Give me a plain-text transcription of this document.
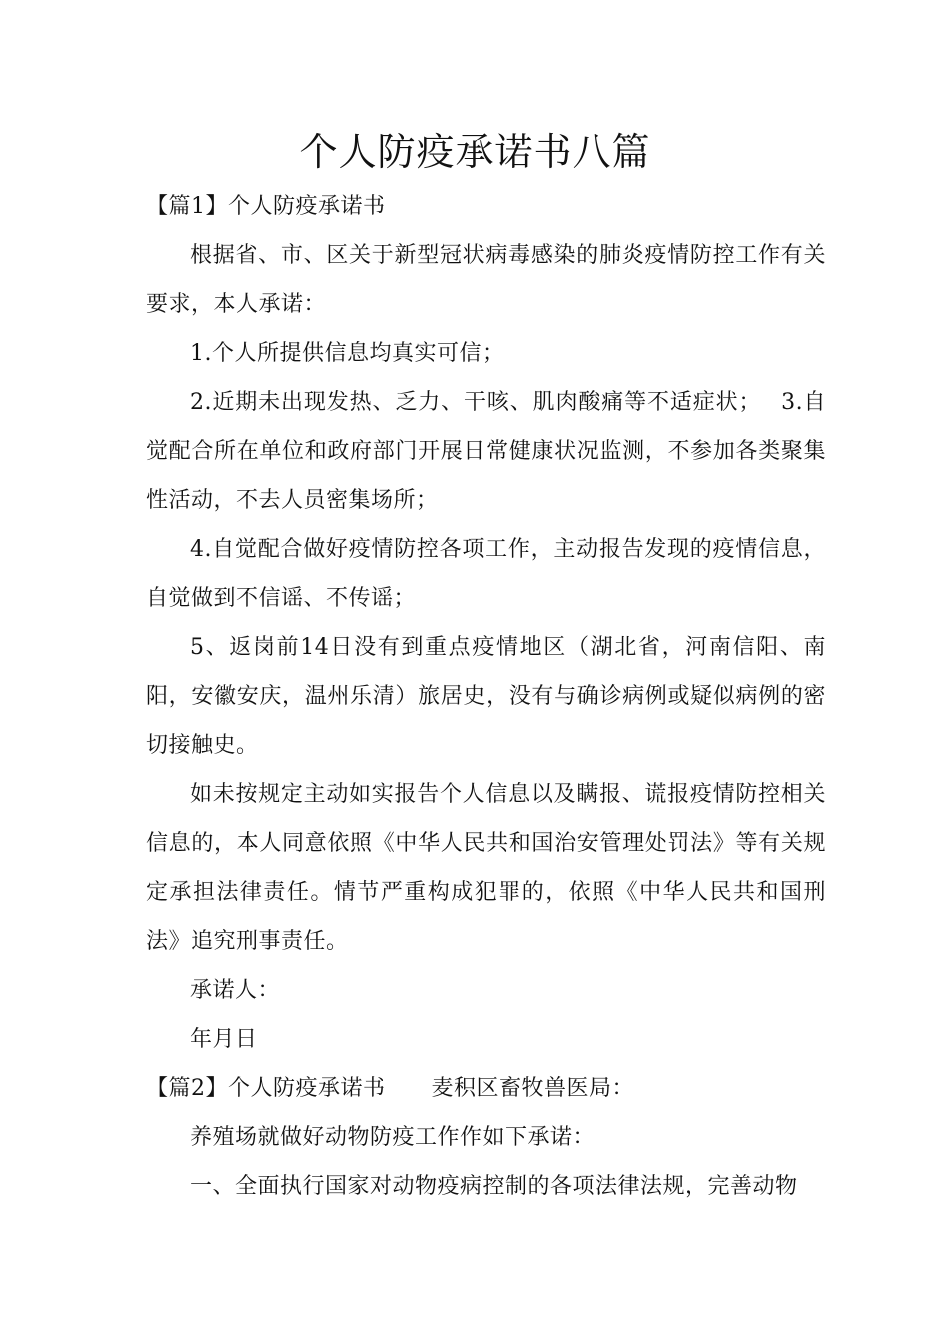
个人防疫承诺书八篇

【篇1】个人防疫承诺书

根据省、市、区关于新型冠状病毒感染的肺炎疫情防控工作有关要求，本人承诺：

1.个人所提供信息均真实可信；

2.近期未出现发热、乏力、干咳、肌肉酸痛等不适症状；　 3.自觉配合所在单位和政府部门开展日常健康状况监测，不参加各类聚集性活动，不去人员密集场所；

4.自觉配合做好疫情防控各项工作，主动报告发现的疫情信息，自觉做到不信谣、不传谣；

5、返岗前14日没有到重点疫情地区（湖北省，河南信阳、南阳，安徽安庆，温州乐清）旅居史，没有与确诊病例或疑似病例的密切接触史。

如未按规定主动如实报告个人信息以及瞒报、谎报疫情防控相关信息的，本人同意依照《中华人民共和国治安管理处罚法》等有关规定承担法律责任。情节严重构成犯罪的，依照《中华人民共和国刑法》追究刑事责任。

承诺人：

年月日

【篇2】个人防疫承诺书 麦积区畜牧兽医局：

养殖场就做好动物防疫工作作如下承诺：

一、全面执行国家对动物疫病控制的各项法律法规，完善动物
